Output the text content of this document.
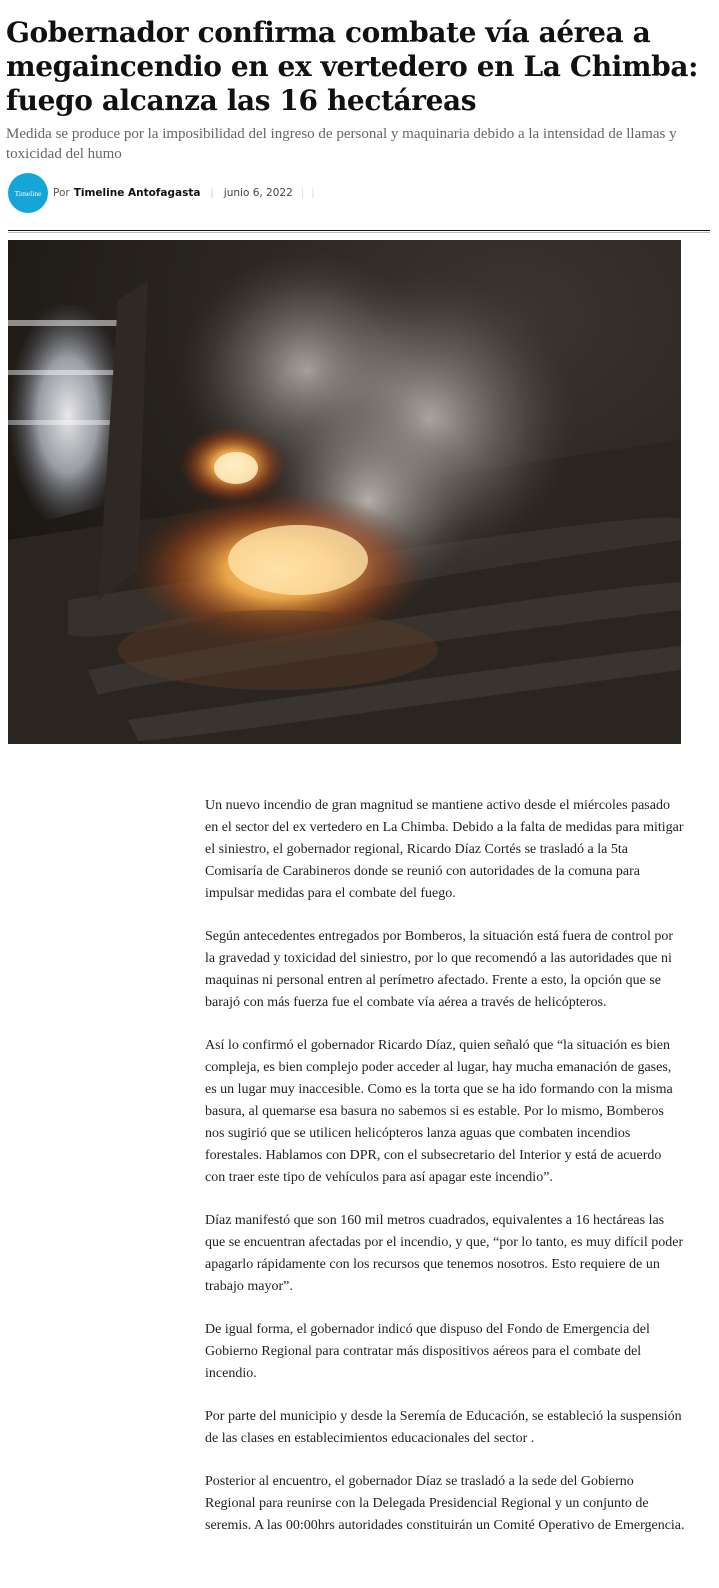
Gobernador confirma combate vía aérea a megaincendio en ex vertedero en La Chimba: fuego alcanza las 16 hectáreas
Medida se produce por la imposibilidad del ingreso de personal y maquinaria debido a la intensidad de llamas y toxicidad del humo
Timeline Por Timeline Antofagasta | junio 6, 2022 | |

Un nuevo incendio de gran magnitud se mantiene activo desde el miércoles pasado en el sector del ex vertedero en La Chimba. Debido a la falta de medidas para mitigar el siniestro, el gobernador regional, Ricardo Díaz Cortés se trasladó a la 5ta Comisaría de Carabineros donde se reunió con autoridades de la comuna para impulsar medidas para el combate del fuego.

Según antecedentes entregados por Bomberos, la situación está fuera de control por la gravedad y toxicidad del siniestro, por lo que recomendó a las autoridades que ni maquinas ni personal entren al perímetro afectado. Frente a esto, la opción que se barajó con más fuerza fue el combate vía aérea a través de helicópteros.

Así lo confirmó el gobernador Ricardo Díaz, quien señaló que “la situación es bien compleja, es bien complejo poder acceder al lugar, hay mucha emanación de gases, es un lugar muy inaccesible. Como es la torta que se ha ido formando con la misma basura, al quemarse esa basura no sabemos si es estable. Por lo mismo, Bomberos nos sugirió que se utilicen helicópteros lanza aguas que combaten incendios forestales. Hablamos con DPR, con el subsecretario del Interior y está de acuerdo con traer este tipo de vehículos para así apagar este incendio”.

Díaz manifestó que son 160 mil metros cuadrados, equivalentes a 16 hectáreas las que se encuentran afectadas por el incendio, y que, “por lo tanto, es muy difícil poder apagarlo rápidamente con los recursos que tenemos nosotros. Esto requiere de un trabajo mayor”.

De igual forma, el gobernador indicó que dispuso del Fondo de Emergencia del Gobierno Regional para contratar más dispositivos aéreos para el combate del incendio.

Por parte del municipio y desde la Seremía de Educación, se estableció la suspensión de las clases en establecimientos educacionales del sector .

Posterior al encuentro, el gobernador Díaz se trasladó a la sede del Gobierno Regional para reunirse con la Delegada Presidencial Regional y un conjunto de seremis. A las 00:00hrs autoridades constituirán un Comité Operativo de Emergencia.
